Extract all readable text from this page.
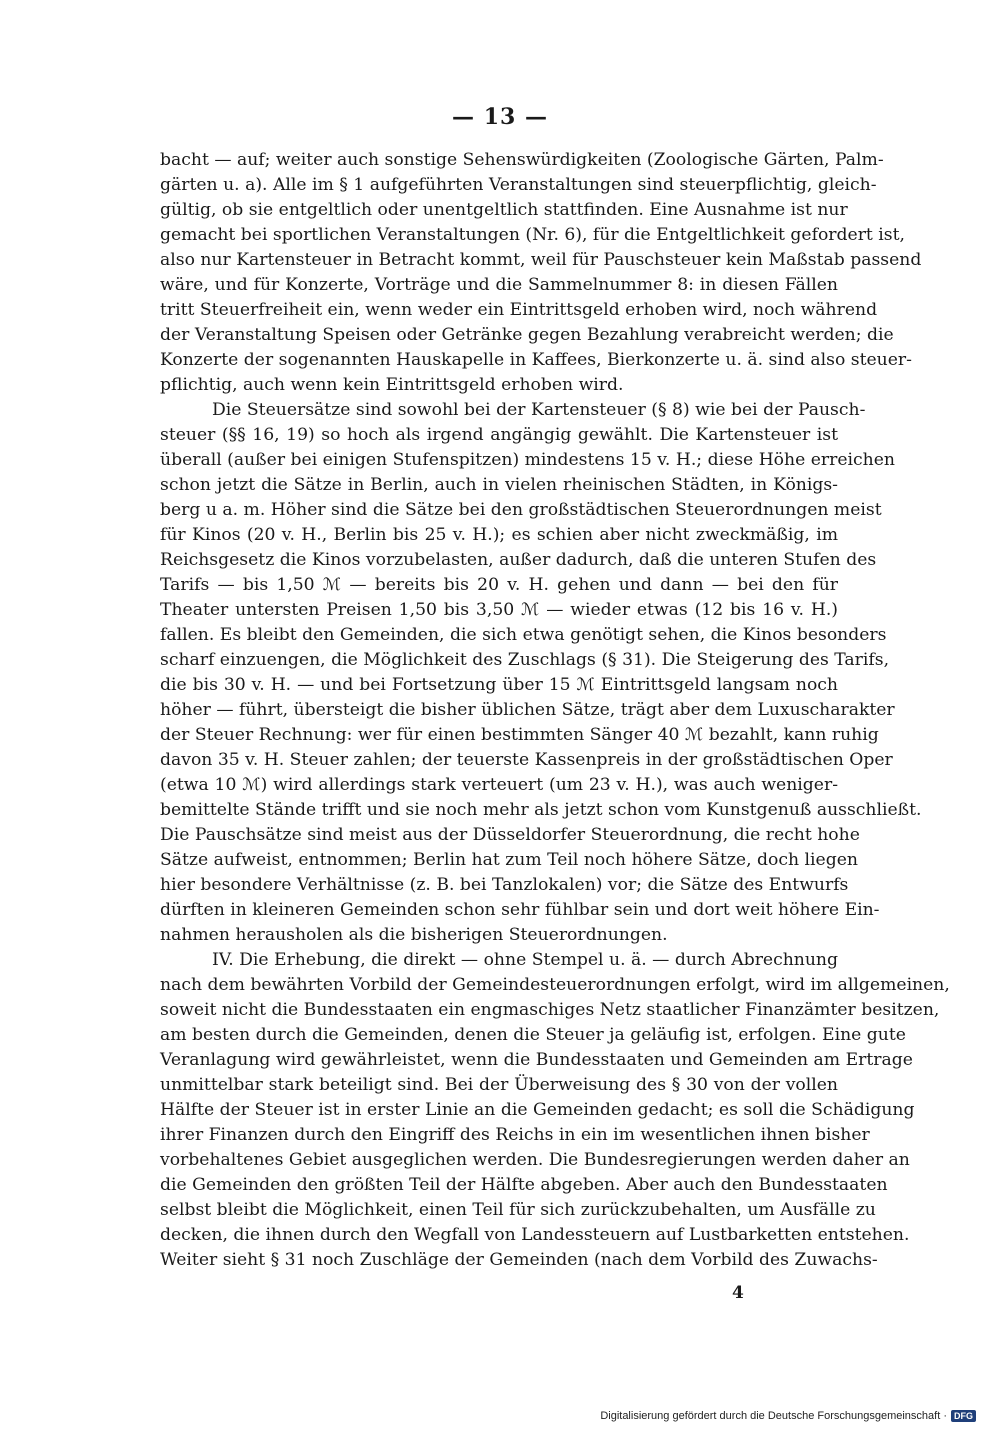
— 13 —
bacht — auf; weiter auch sonstige Sehenswürdigkeiten (Zoologische Gärten, Palm-
gärten u. a). Alle im § 1 aufgeführten Veranstaltungen sind steuerpflichtig, gleich-
gültig, ob sie entgeltlich oder unentgeltlich stattfinden. Eine Ausnahme ist nur
gemacht bei sportlichen Veranstaltungen (Nr. 6), für die Entgeltlichkeit gefordert ist,
also nur Kartensteuer in Betracht kommt, weil für Pauschsteuer kein Maßstab passend
wäre, und für Konzerte, Vorträge und die Sammelnummer 8: in diesen Fällen
tritt Steuerfreiheit ein, wenn weder ein Eintrittsgeld erhoben wird, noch während
der Veranstaltung Speisen oder Getränke gegen Bezahlung verabreicht werden; die
Konzerte der sogenannten Hauskapelle in Kaffees, Bierkonzerte u. ä. sind also steuer-
pflichtig, auch wenn kein Eintrittsgeld erhoben wird.
Die Steuersätze sind sowohl bei der Kartensteuer (§ 8) wie bei der Pausch-
steuer (§§ 16, 19) so hoch als irgend angängig gewählt. Die Kartensteuer ist
überall (außer bei einigen Stufenspitzen) mindestens 15 v. H.; diese Höhe erreichen
schon jetzt die Sätze in Berlin, auch in vielen rheinischen Städten, in Königs-
berg u a. m. Höher sind die Sätze bei den großstädtischen Steuerordnungen meist
für Kinos (20 v. H., Berlin bis 25 v. H.); es schien aber nicht zweckmäßig, im
Reichsgesetz die Kinos vorzubelasten, außer dadurch, daß die unteren Stufen des
Tarifs — bis 1,50 ℳ — bereits bis 20 v. H. gehen und dann — bei den für
Theater untersten Preisen 1,50 bis 3,50 ℳ — wieder etwas (12 bis 16 v. H.)
fallen. Es bleibt den Gemeinden, die sich etwa genötigt sehen, die Kinos besonders
scharf einzuengen, die Möglichkeit des Zuschlags (§ 31). Die Steigerung des Tarifs,
die bis 30 v. H. — und bei Fortsetzung über 15 ℳ Eintrittsgeld langsam noch
höher — führt, übersteigt die bisher üblichen Sätze, trägt aber dem Luxuscharakter
der Steuer Rechnung: wer für einen bestimmten Sänger 40 ℳ bezahlt, kann ruhig
davon 35 v. H. Steuer zahlen; der teuerste Kassenpreis in der großstädtischen Oper
(etwa 10 ℳ) wird allerdings stark verteuert (um 23 v. H.), was auch weniger-
bemittelte Stände trifft und sie noch mehr als jetzt schon vom Kunstgenuß ausschließt.
Die Pauschsätze sind meist aus der Düsseldorfer Steuerordnung, die recht hohe
Sätze aufweist, entnommen; Berlin hat zum Teil noch höhere Sätze, doch liegen
hier besondere Verhältnisse (z. B. bei Tanzlokalen) vor; die Sätze des Entwurfs
dürften in kleineren Gemeinden schon sehr fühlbar sein und dort weit höhere Ein-
nahmen herausholen als die bisherigen Steuerordnungen.
IV. Die Erhebung, die direkt — ohne Stempel u. ä. — durch Abrechnung
nach dem bewährten Vorbild der Gemeindesteuerordnungen erfolgt, wird im allgemeinen,
soweit nicht die Bundesstaaten ein engmaschiges Netz staatlicher Finanzämter besitzen,
am besten durch die Gemeinden, denen die Steuer ja geläufig ist, erfolgen. Eine gute
Veranlagung wird gewährleistet, wenn die Bundesstaaten und Gemeinden am Ertrage
unmittelbar stark beteiligt sind. Bei der Überweisung des § 30 von der vollen
Hälfte der Steuer ist in erster Linie an die Gemeinden gedacht; es soll die Schädigung
ihrer Finanzen durch den Eingriff des Reichs in ein im wesentlichen ihnen bisher
vorbehaltenes Gebiet ausgeglichen werden. Die Bundesregierungen werden daher an
die Gemeinden den größten Teil der Hälfte abgeben. Aber auch den Bundesstaaten
selbst bleibt die Möglichkeit, einen Teil für sich zurückzubehalten, um Ausfälle zu
decken, die ihnen durch den Wegfall von Landessteuern auf Lustbarketten entstehen.
Weiter sieht § 31 noch Zuschläge der Gemeinden (nach dem Vorbild des Zuwachs-
4
Digitalisierung gefördert durch die Deutsche Forschungsgemeinschaft · DFG
